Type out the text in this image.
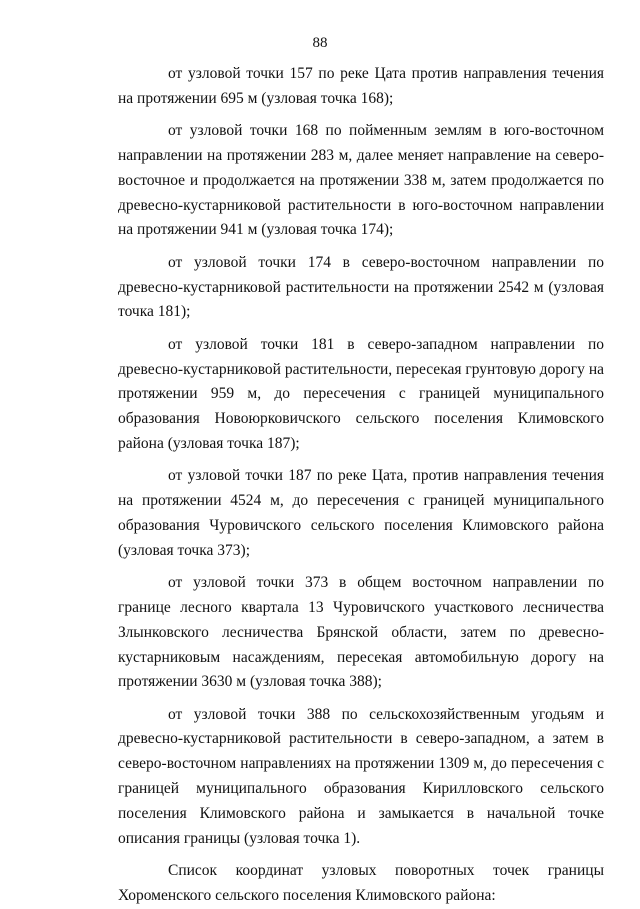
88

от узловой точки 157 по реке Цата против направления течения на протяжении 695 м (узловая точка 168);

от узловой точки 168 по пойменным землям в юго-восточном направлении на протяжении 283 м, далее меняет направление на северо-восточное и продолжается на протяжении 338 м, затем продолжается по древесно-кустарниковой растительности в юго-восточном направлении на протяжении 941 м (узловая точка 174);

от узловой точки 174 в северо-восточном направлении по древесно-кустарниковой растительности на протяжении 2542 м (узловая точка 181);

от узловой точки 181 в северо-западном направлении по древесно-кустарниковой растительности, пересекая грунтовую дорогу на протяжении 959 м, до пересечения с границей муниципального образования Новоюрковичского сельского поселения Климовского района (узловая точка 187);

от узловой точки 187 по реке Цата, против направления течения на протяжении 4524 м, до пересечения с границей муниципального образования Чуровичского сельского поселения Климовского района (узловая точка 373);

от узловой точки 373 в общем восточном направлении по границе лесного квартала 13 Чуровичского участкового лесничества Злынковского лесничества Брянской области, затем по древесно-кустарниковым насаждениям, пересекая автомобильную дорогу на протяжении 3630 м (узловая точка 388);

от узловой точки 388 по сельскохозяйственным угодьям и древесно-кустарниковой растительности в северо-западном, а затем в северо-восточном направлениях на протяжении 1309 м, до пересечения с границей муниципального образования Кирилловского сельского поселения Климовского района и замыкается в начальной точке описания границы (узловая точка 1).

Список координат узловых поворотных точек границы Хороменского сельского поселения Климовского района:
